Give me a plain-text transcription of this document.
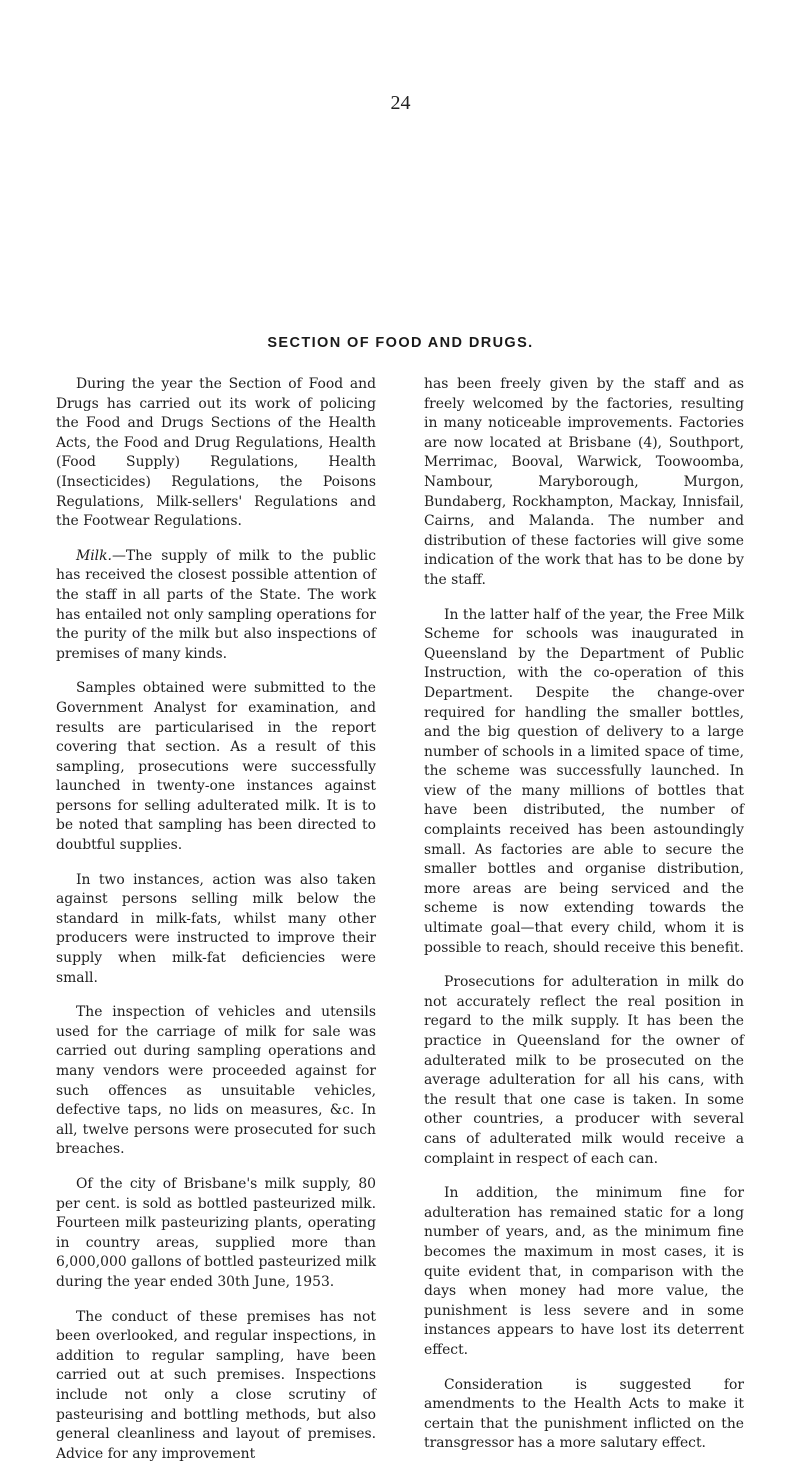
24
SECTION OF FOOD AND DRUGS.

During the year the Section of Food and Drugs has carried out its work of policing the Food and Drugs Sections of the Health Acts, the Food and Drug Regulations, Health (Food Supply) Regulations, Health (Insecticides) Regulations, the Poisons Regulations, Milk-sellers' Regulations and the Footwear Regulations.

Milk.—The supply of milk to the public has received the closest possible attention of the staff in all parts of the State. The work has entailed not only sampling operations for the purity of the milk but also inspections of premises of many kinds.

Samples obtained were submitted to the Government Analyst for examination, and results are particularised in the report covering that section. As a result of this sampling, prosecutions were successfully launched in twenty-one instances against persons for selling adulterated milk. It is to be noted that sampling has been directed to doubtful supplies.

In two instances, action was also taken against persons selling milk below the standard in milk-fats, whilst many other producers were instructed to improve their supply when milk-fat deficiencies were small.

The inspection of vehicles and utensils used for the carriage of milk for sale was carried out during sampling operations and many vendors were proceeded against for such offences as unsuitable vehicles, defective taps, no lids on measures, &c. In all, twelve persons were prosecuted for such breaches.

Of the city of Brisbane's milk supply, 80 per cent. is sold as bottled pasteurized milk. Fourteen milk pasteurizing plants, operating in country areas, supplied more than 6,000,000 gallons of bottled pasteurized milk during the year ended 30th June, 1953.

The conduct of these premises has not been overlooked, and regular inspections, in addition to regular sampling, have been carried out at such premises. Inspections include not only a close scrutiny of pasteurising and bottling methods, but also general cleanliness and layout of premises. Advice for any improvement

has been freely given by the staff and as freely welcomed by the factories, resulting in many noticeable improvements. Factories are now located at Brisbane (4), Southport, Merrimac, Booval, Warwick, Toowoomba, Nambour, Maryborough, Murgon, Bundaberg, Rockhampton, Mackay, Innisfail, Cairns, and Malanda. The number and distribution of these factories will give some indication of the work that has to be done by the staff.

In the latter half of the year, the Free Milk Scheme for schools was inaugurated in Queensland by the Department of Public Instruction, with the co-operation of this Department. Despite the change-over required for handling the smaller bottles, and the big question of delivery to a large number of schools in a limited space of time, the scheme was successfully launched. In view of the many millions of bottles that have been distributed, the number of complaints received has been astoundingly small. As factories are able to secure the smaller bottles and organise distribution, more areas are being serviced and the scheme is now extending towards the ultimate goal—that every child, whom it is possible to reach, should receive this benefit.

Prosecutions for adulteration in milk do not accurately reflect the real position in regard to the milk supply. It has been the practice in Queensland for the owner of adulterated milk to be prosecuted on the average adulteration for all his cans, with the result that one case is taken. In some other countries, a producer with several cans of adulterated milk would receive a complaint in respect of each can.

In addition, the minimum fine for adulteration has remained static for a long number of years, and, as the minimum fine becomes the maximum in most cases, it is quite evident that, in comparison with the days when money had more value, the punishment is less severe and in some instances appears to have lost its deterrent effect.

Consideration is suggested for amendments to the Health Acts to make it certain that the punishment inflicted on the transgressor has a more salutary effect.
